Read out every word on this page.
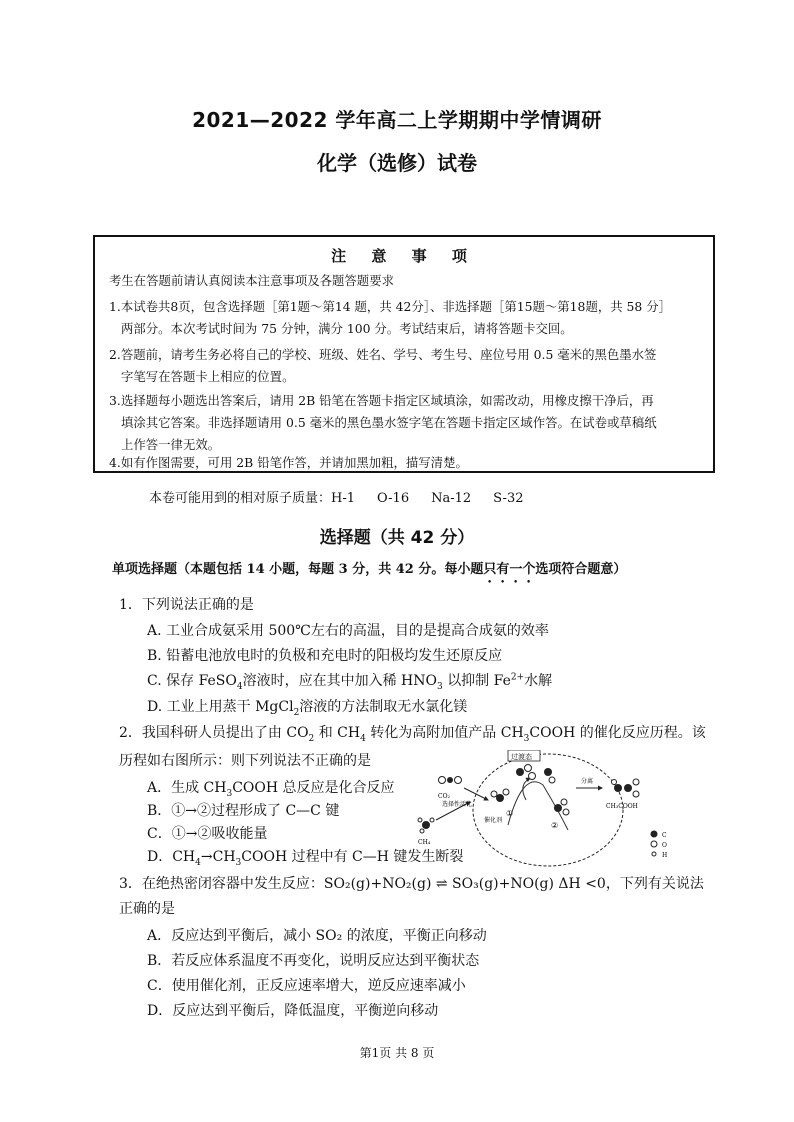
2021—2022 学年高二上学期期中学情调研
化学（选修）试卷
注 意 事 项
考生在答题前请认真阅读本注意事项及各题答题要求
1.本试卷共8页，包含选择题［第1题～第14 题，共 42分］、非选择题［第15题～第18题，共 58 分］
两部分。本次考试时间为 75 分钟，满分 100 分。考试结束后，请将答题卡交回。
2.答题前，请考生务必将自己的学校、班级、姓名、学号、考生号、座位号用 0.5 毫米的黑色墨水签
字笔写在答题卡上相应的位置。
3.选择题每小题选出答案后，请用 2B 铅笔在答题卡指定区域填涂，如需改动，用橡皮擦干净后，再
填涂其它答案。非选择题请用 0.5 毫米的黑色墨水签字笔在答题卡指定区域作答。在试卷或草稿纸
上作答一律无效。
4.如有作图需要，可用 2B 铅笔作答，并请加黑加粗，描写清楚。
本卷可能用到的相对原子质量：H-1 O-16 Na-12 S-32
选择题（共 42 分）
单项选择题（本题包括 14 小题，每题 3 分，共 42 分。每小题只有一个选项符合题意）
1．下列说法正确的是
A. 工业合成氨采用 500℃左右的高温，目的是提高合成氨的效率
B. 铅蓄电池放电时的负极和充电时的阳极均发生还原反应
C. 保存 FeSO$_4$溶液时，应在其中加入稀 $HNO_3$ 以抑制 $Fe^{2+}$水解
D. 工业上用蒸干 MgCl$_2$溶液的方法制取无水氯化镁
2．我国科研人员提出了由 $CO_2$ 和 $CH_4$ 转化为高附加值产品 $CH_3COOH$ 的催化反应历程。该
历程如右图所示：则下列说法不正确的是
A．生成 $CH_3COOH$ 总反应是化合反应
B．①→②过程形成了 C—C 键
C．①→②吸收能量
D．$CH_4\to CH_3COOH$ 过程中有 C—H 键发生断裂
过渡态
CO₂
CH₄
选择性活化
催化剂
①
②
分离
CH₃COOH
C
O
H
3．在绝热密闭容器中发生反应：SO₂(g)+NO₂(g) ⇌ SO₃(g)+NO(g) ΔH <0，下列有关说法
正确的是
A．反应达到平衡后，减小 SO₂ 的浓度，平衡正向移动
B．若反应体系温度不再变化，说明反应达到平衡状态
C．使用催化剂，正反应速率增大，逆反应速率减小
D．反应达到平衡后，降低温度，平衡逆向移动
第1页 共 8 页
